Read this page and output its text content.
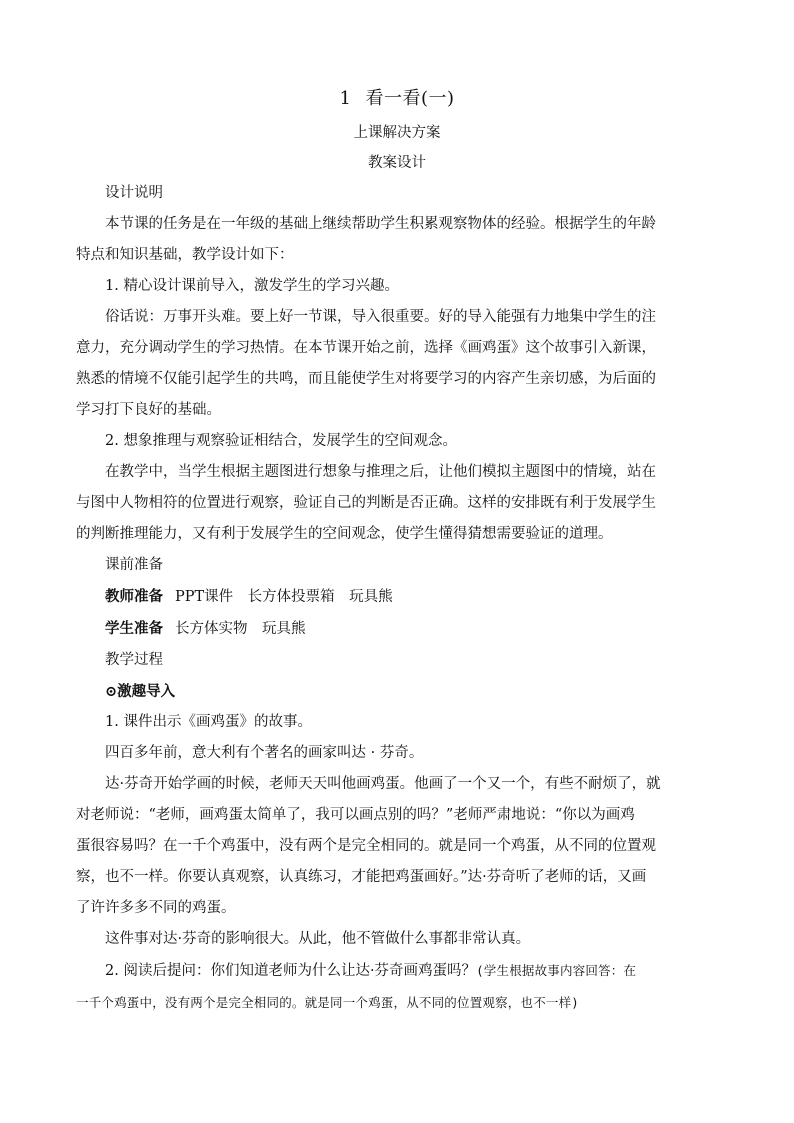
1 看一看(一)

上课解决方案

教案设计

设计说明

本节课的任务是在一年级的基础上继续帮助学生积累观察物体的经验。根据学生的年龄

特点和知识基础，教学设计如下：

1. 精心设计课前导入，激发学生的学习兴趣。

俗话说：万事开头难。要上好一节课，导入很重要。好的导入能强有力地集中学生的注

意力，充分调动学生的学习热情。在本节课开始之前，选择《画鸡蛋》这个故事引入新课，

熟悉的情境不仅能引起学生的共鸣，而且能使学生对将要学习的内容产生亲切感，为后面的

学习打下良好的基础。

2. 想象推理与观察验证相结合，发展学生的空间观念。

在教学中，当学生根据主题图进行想象与推理之后，让他们模拟主题图中的情境，站在

与图中人物相符的位置进行观察，验证自己的判断是否正确。这样的安排既有利于发展学生

的判断推理能力，又有利于发展学生的空间观念，使学生懂得猜想需要验证的道理。

课前准备

教师准备 PPT课件　长方体投票箱　玩具熊

学生准备 长方体实物　玩具熊

教学过程

⊙激趣导入

1. 课件出示《画鸡蛋》的故事。

四百多年前，意大利有个著名的画家叫达 · 芬奇。

达·芬奇开始学画的时候，老师天天叫他画鸡蛋。他画了一个又一个，有些不耐烦了，就

对老师说：“老师，画鸡蛋太简单了，我可以画点别的吗？”老师严肃地说：“你以为画鸡

蛋很容易吗？在一千个鸡蛋中，没有两个是完全相同的。就是同一个鸡蛋，从不同的位置观

察，也不一样。你要认真观察，认真练习，才能把鸡蛋画好。”达·芬奇听了老师的话，又画

了许许多多不同的鸡蛋。

这件事对达·芬奇的影响很大。从此，他不管做什么事都非常认真。

2. 阅读后提问：你们知道老师为什么让达·芬奇画鸡蛋吗？(学生根据故事内容回答：在

一千个鸡蛋中，没有两个是完全相同的。就是同一个鸡蛋，从不同的位置观察，也不一样)
